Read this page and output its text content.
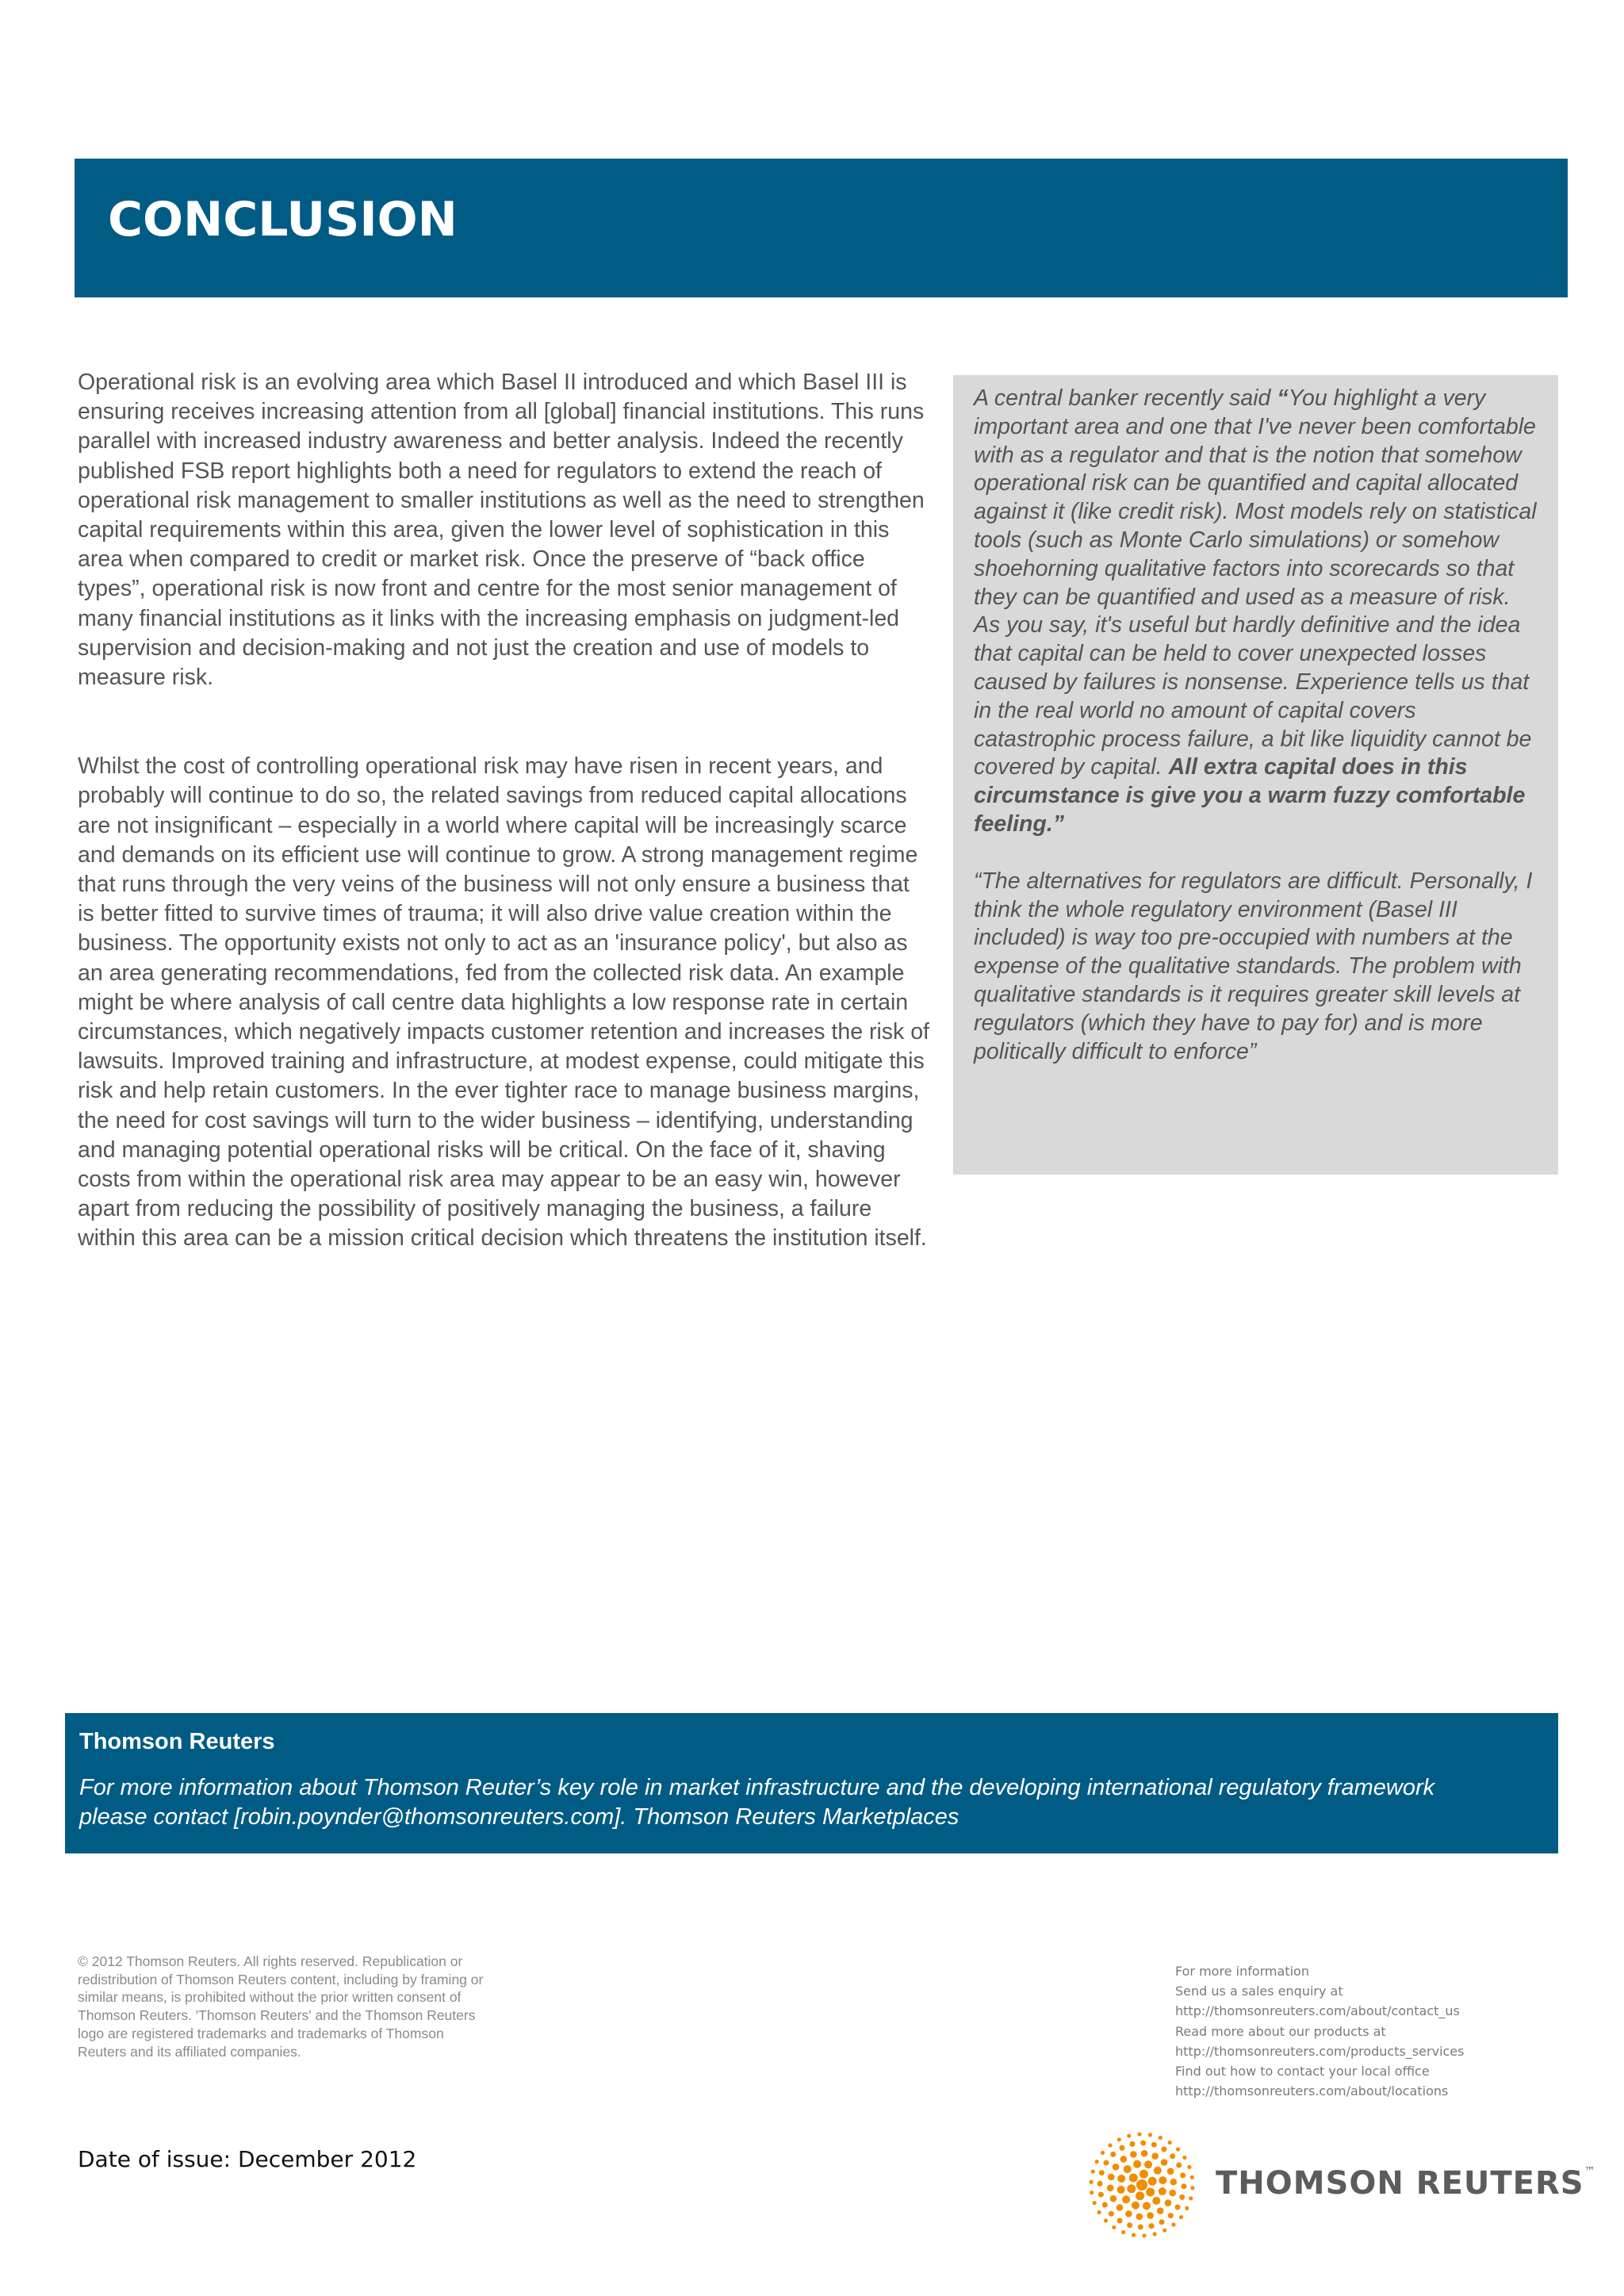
CONCLUSION

Operational risk is an evolving area which Basel II introduced and which Basel III is ensuring receives increasing attention from all [global] financial institutions. This runs parallel with increased industry awareness and better analysis. Indeed the recently published FSB report highlights both a need for regulators to extend the reach of operational risk management to smaller institutions as well as the need to strengthen capital requirements within this area, given the lower level of sophistication in this area when compared to credit or market risk. Once the preserve of “back office types”, operational risk is now front and centre for the most senior management of many financial institutions as it links with the increasing emphasis on judgment-led supervision and decision-making and not just the creation and use of models to measure risk.

Whilst the cost of controlling operational risk may have risen in recent years, and probably will continue to do so, the related savings from reduced capital allocations are not insignificant – especially in a world where capital will be increasingly scarce and demands on its efficient use will continue to grow. A strong management regime that runs through the very veins of the business will not only ensure a business that is better fitted to survive times of trauma; it will also drive value creation within the business. The opportunity exists not only to act as an 'insurance policy', but also as an area generating recommendations, fed from the collected risk data. An example might be where analysis of call centre data highlights a low response rate in certain circumstances, which negatively impacts customer retention and increases the risk of lawsuits. Improved training and infrastructure, at modest expense, could mitigate this risk and help retain customers. In the ever tighter race to manage business margins, the need for cost savings will turn to the wider business – identifying, understanding and managing potential operational risks will be critical. On the face of it, shaving costs from within the operational risk area may appear to be an easy win, however apart from reducing the possibility of positively managing the business, a failure within this area can be a mission critical decision which threatens the institution itself.

A central banker recently said “You highlight a very important area and one that I've never been comfortable with as a regulator and that is the notion that somehow operational risk can be quantified and capital allocated against it (like credit risk). Most models rely on statistical tools (such as Monte Carlo simulations) or somehow shoehorning qualitative factors into scorecards so that they can be quantified and used as a measure of risk. As you say, it's useful but hardly definitive and the idea that capital can be held to cover unexpected losses caused by failures is nonsense. Experience tells us that in the real world no amount of capital covers catastrophic process failure, a bit like liquidity cannot be covered by capital. All extra capital does in this circumstance is give you a warm fuzzy comfortable feeling.”

“The alternatives for regulators are difficult. Personally, I think the whole regulatory environment (Basel III included) is way too pre-occupied with numbers at the expense of the qualitative standards. The problem with qualitative standards is it requires greater skill levels at regulators (which they have to pay for) and is more politically difficult to enforce”

Thomson Reuters
For more information about Thomson Reuter’s key role in market infrastructure and the developing international regulatory framework please contact [robin.poynder@thomsonreuters.com]. Thomson Reuters Marketplaces
© 2012 Thomson Reuters. All rights reserved. Republication or redistribution of Thomson Reuters content, including by framing or similar means, is prohibited without the prior written consent of Thomson Reuters. 'Thomson Reuters' and the Thomson Reuters logo are registered trademarks and trademarks of Thomson Reuters and its affiliated companies.
For more information
Send us a sales enquiry at
http://thomsonreuters.com/about/contact_us
Read more about our products at
http://thomsonreuters.com/products_services
Find out how to contact your local office
http://thomsonreuters.com/about/locations
Date of issue: December 2012
THOMSON REUTERS™
